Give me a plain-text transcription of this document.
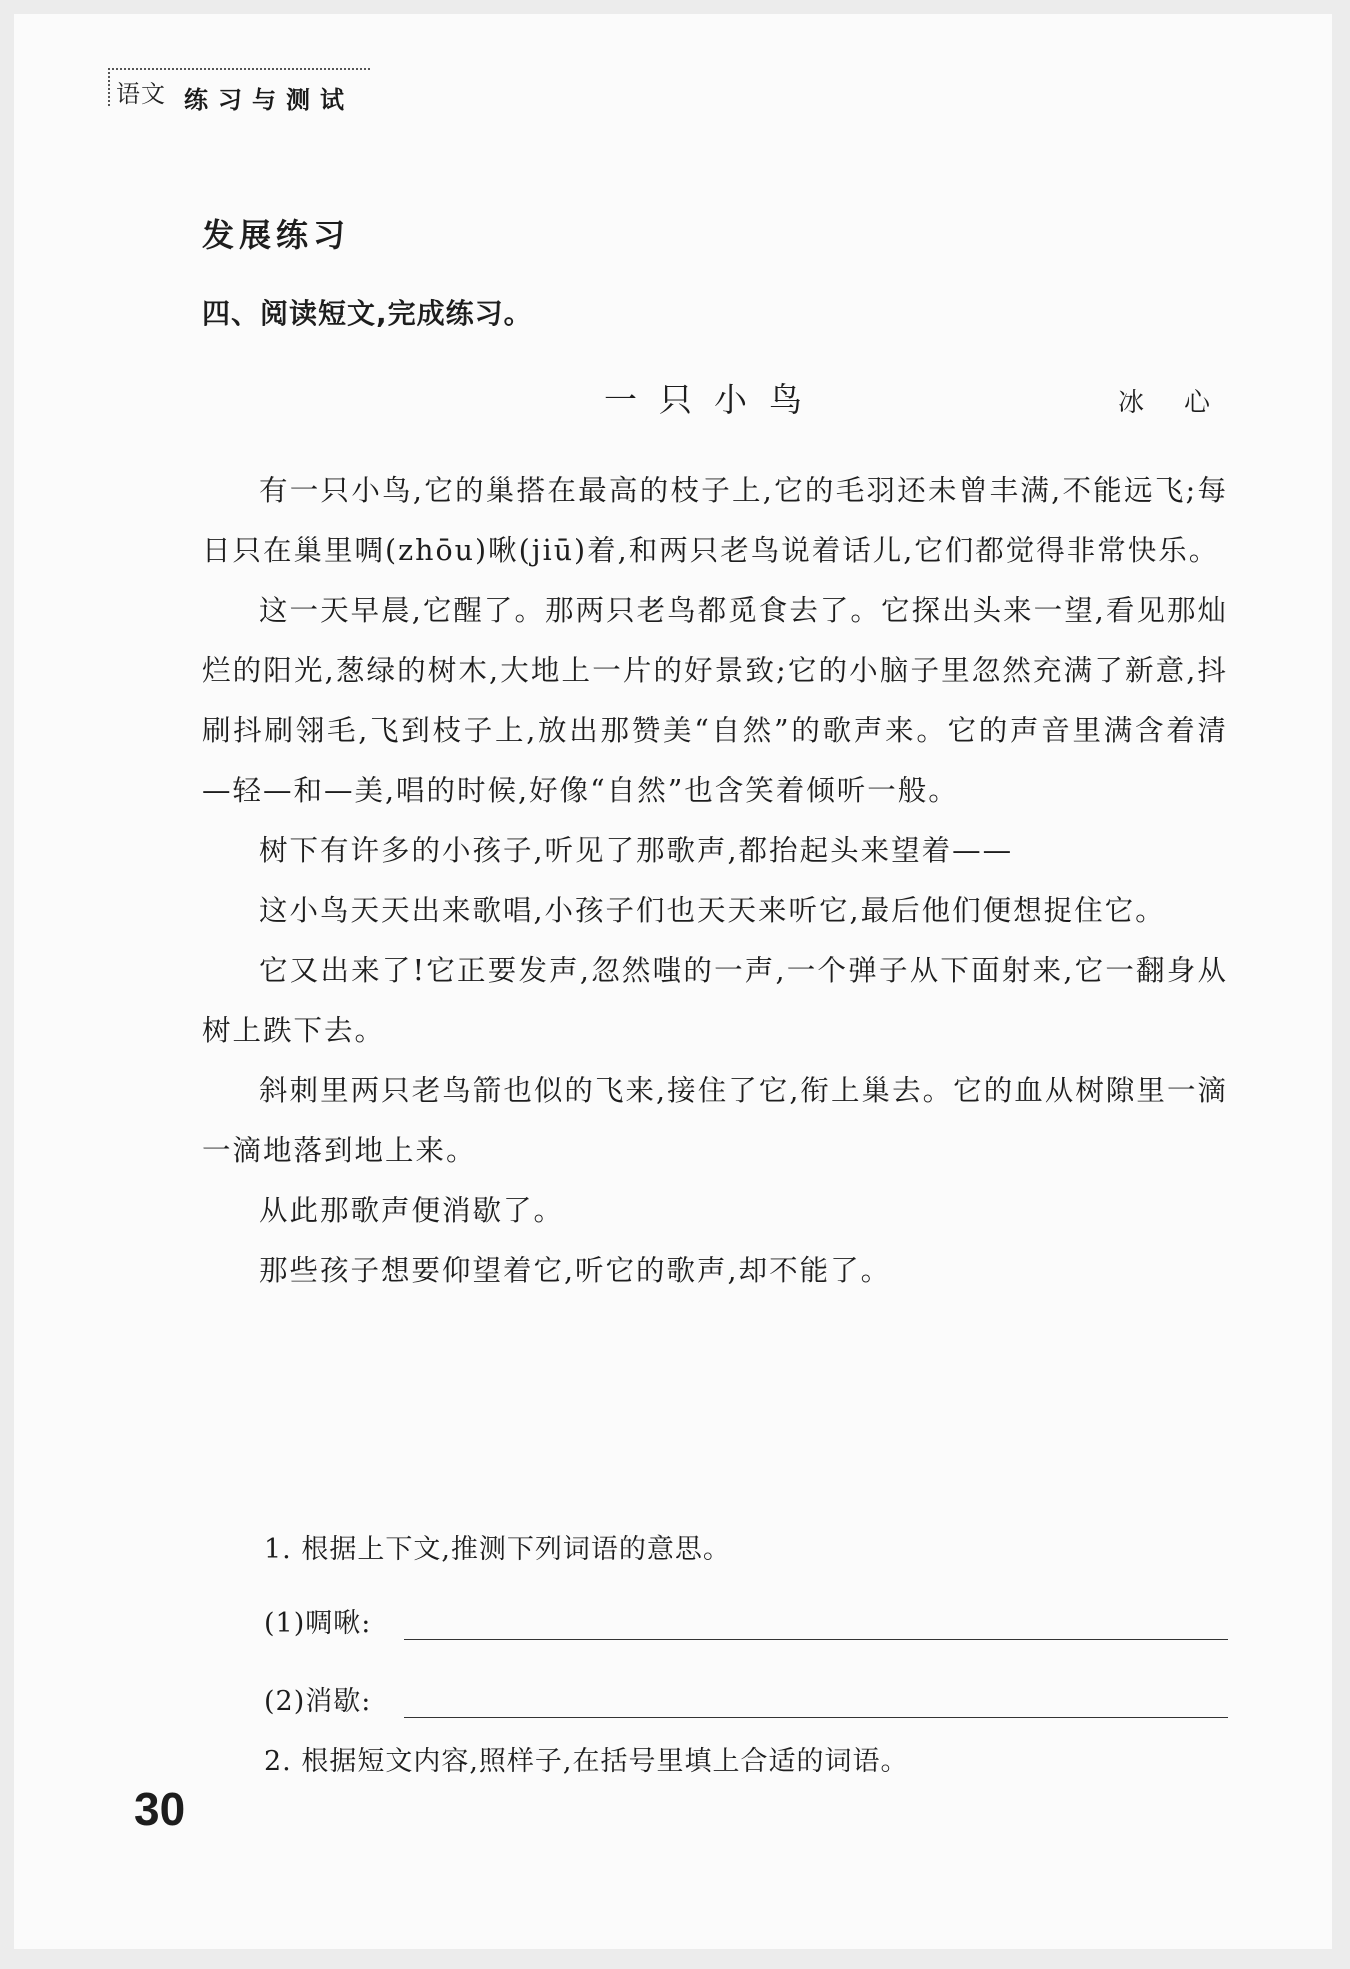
语文 练习与测试
发展练习
四、阅读短文,完成练习。
一只小鸟	冰心

有一只小鸟,它的巢搭在最高的枝子上,它的毛羽还未曾丰满,不能远飞;每日只在巢里啁(zhōu)啾(jiū)着,和两只老鸟说着话儿,它们都觉得非常快乐。

这一天早晨,它醒了。那两只老鸟都觅食去了。它探出头来一望,看见那灿烂的阳光,葱绿的树木,大地上一片的好景致;它的小脑子里忽然充满了新意,抖刷抖刷翎毛,飞到枝子上,放出那赞美“自然”的歌声来。它的声音里满含着清—轻—和—美,唱的时候,好像“自然”也含笑着倾听一般。

树下有许多的小孩子,听见了那歌声,都抬起头来望着——

这小鸟天天出来歌唱,小孩子们也天天来听它,最后他们便想捉住它。

它又出来了!它正要发声,忽然嗤的一声,一个弹子从下面射来,它一翻身从树上跌下去。

斜刺里两只老鸟箭也似的飞来,接住了它,衔上巢去。它的血从树隙里一滴一滴地落到地上来。

从此那歌声便消歇了。

那些孩子想要仰望着它,听它的歌声,却不能了。

1. 根据上下文,推测下列词语的意思。
(1)啁啾:
(2)消歇:
2. 根据短文内容,照样子,在括号里填上合适的词语。
30
